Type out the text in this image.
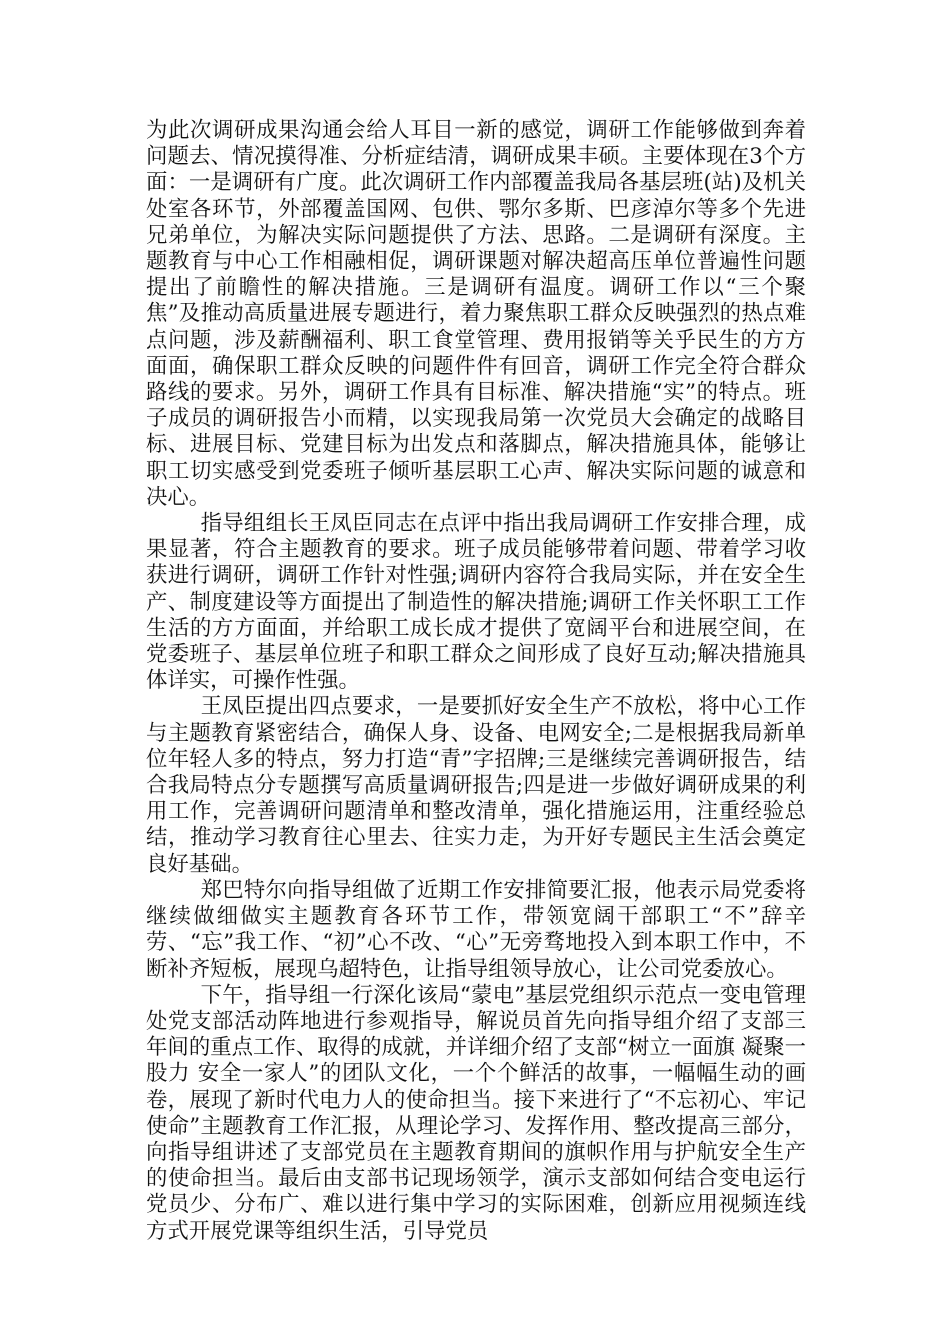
为此次调研成果沟通会给人耳目一新的感觉，调研工作能够做到奔着问题去、情况摸得准、分析症结清，调研成果丰硕。主要体现在3个方面：一是调研有广度。此次调研工作内部覆盖我局各基层班(站)及机关处室各环节，外部覆盖国网、包供、鄂尔多斯、巴彦淖尔等多个先进兄弟单位，为解决实际问题提供了方法、思路。二是调研有深度。主题教育与中心工作相融相促，调研课题对解决超高压单位普遍性问题提出了前瞻性的解决措施。三是调研有温度。调研工作以“三个聚焦”及推动高质量进展专题进行，着力聚焦职工群众反映强烈的热点难点问题，涉及薪酬福利、职工食堂管理、费用报销等关乎民生的方方面面，确保职工群众反映的问题件件有回音，调研工作完全符合群众路线的要求。另外，调研工作具有目标准、解决措施“实”的特点。班子成员的调研报告小而精，以实现我局第一次党员大会确定的战略目标、进展目标、党建目标为出发点和落脚点，解决措施具体，能够让职工切实感受到党委班子倾听基层职工心声、解决实际问题的诚意和决心。

指导组组长王凤臣同志在点评中指出我局调研工作安排合理，成果显著，符合主题教育的要求。班子成员能够带着问题、带着学习收获进行调研，调研工作针对性强;调研内容符合我局实际，并在安全生产、制度建设等方面提出了制造性的解决措施;调研工作关怀职工工作生活的方方面面，并给职工成长成才提供了宽阔平台和进展空间，在党委班子、基层单位班子和职工群众之间形成了良好互动;解决措施具体详实，可操作性强。

王凤臣提出四点要求，一是要抓好安全生产不放松，将中心工作与主题教育紧密结合，确保人身、设备、电网安全;二是根据我局新单位年轻人多的特点，努力打造“青”字招牌;三是继续完善调研报告，结合我局特点分专题撰写高质量调研报告;四是进一步做好调研成果的利用工作，完善调研问题清单和整改清单，强化措施运用，注重经验总结，推动学习教育往心里去、往实力走，为开好专题民主生活会奠定良好基础。

郑巴特尔向指导组做了近期工作安排简要汇报，他表示局党委将继续做细做实主题教育各环节工作，带领宽阔干部职工“不”辞辛劳、“忘”我工作、“初”心不改、“心”无旁骛地投入到本职工作中，不断补齐短板，展现乌超特色，让指导组领导放心，让公司党委放心。

下午，指导组一行深化该局“蒙电”基层党组织示范点一变电管理处党支部活动阵地进行参观指导，解说员首先向指导组介绍了支部三年间的重点工作、取得的成就，并详细介绍了支部“树立一面旗 凝聚一股力 安全一家人”的团队文化，一个个鲜活的故事，一幅幅生动的画卷，展现了新时代电力人的使命担当。接下来进行了“不忘初心、牢记使命”主题教育工作汇报，从理论学习、发挥作用、整改提高三部分，向指导组讲述了支部党员在主题教育期间的旗帜作用与护航安全生产的使命担当。最后由支部书记现场领学，演示支部如何结合变电运行党员少、分布广、难以进行集中学习的实际困难，创新应用视频连线方式开展党课等组织生活，引导党员
